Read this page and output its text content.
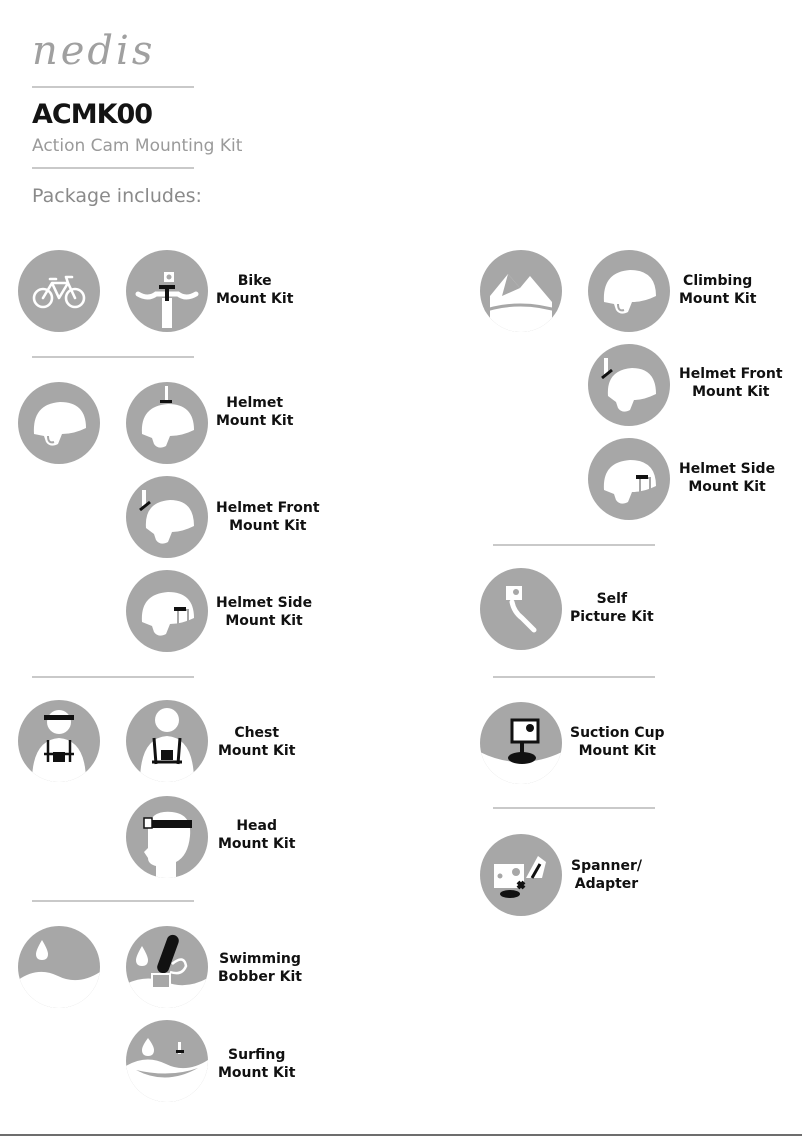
nedis
ACMK00
Action Cam Mounting Kit
Package includes:
Bike
Mount Kit
Helmet
Mount Kit
Helmet Front
Mount Kit
Helmet Side
Mount Kit
Chest
Mount Kit
Head
Mount Kit
Swimming
Bobber Kit
Surfing
Mount Kit
Climbing
Mount Kit
Helmet Front
Mount Kit
Helmet Side
Mount Kit
Self
Picture Kit
Suction Cup
Mount Kit
Spanner/
Adapter
